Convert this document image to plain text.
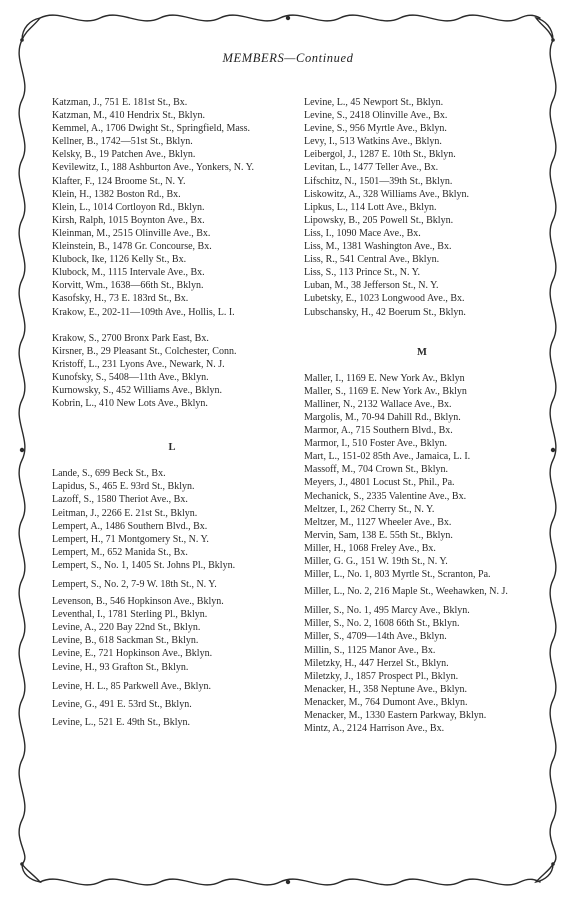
MEMBERS—Continued

Katzman, J., 751 E. 181st St., Bx.

Katzman, M., 410 Hendrix St., Bklyn.

Kemmel, A., 1706 Dwight St., Springfield, Mass.

Kellner, B., 1742—51st St., Bklyn.

Kelsky, B., 19 Patchen Ave., Bklyn.

Kevilewitz, I., 188 Ashburton Ave., Yonkers, N. Y.

Klafter, F., 124 Broome St., N. Y.

Klein, H., 1382 Boston Rd., Bx.

Klein, L., 1014 Cortloyon Rd., Bklyn.

Kirsh, Ralph, 1015 Boynton Ave., Bx.

Kleinman, M., 2515 Olinville Ave., Bx.

Kleinstein, B., 1478 Gr. Concourse, Bx.

Klubock, Ike, 1126 Kelly St., Bx.

Klubock, M., 1115 Intervale Ave., Bx.

Korvitt, Wm., 1638—66th St., Bklyn.

Kasofsky, H., 73 E. 183rd St., Bx.

Krakow, E., 202-11—109th Ave., Hollis, L. I.

Krakow, S., 2700 Bronx Park East, Bx.

Kirsner, B., 29 Pleasant St., Colchester, Conn.

Kristoff, L., 231 Lyons Ave., Newark, N. J.

Kunofsky, S., 5408—11th Ave., Bklyn.

Kurnowsky, S., 452 Williams Ave., Bklyn.

Kobrin, L., 410 New Lots Ave., Bklyn.

L

Lande, S., 699 Beck St., Bx.

Lapidus, S., 465 E. 93rd St., Bklyn.

Lazoff, S., 1580 Theriot Ave., Bx.

Leitman, J., 2266 E. 21st St., Bklyn.

Lempert, A., 1486 Southern Blvd., Bx.

Lempert, H., 71 Montgomery St., N. Y.

Lempert, M., 652 Manida St., Bx.

Lempert, S., No. 1, 1405 St. Johns Pl., Bklyn.

Lempert, S., No. 2, 7-9 W. 18th St., N. Y.

Levenson, B., 546 Hopkinson Ave., Bklyn.

Leventhal, I., 1781 Sterling Pl., Bklyn.

Levine, A., 220 Bay 22nd St., Bklyn.

Levine, B., 618 Sackman St., Bklyn.

Levine, E., 721 Hopkinson Ave., Bklyn.

Levine, H., 93 Grafton St., Bklyn.

Levine, H. L., 85 Parkwell Ave., Bklyn.

Levine, G., 491 E. 53rd St., Bklyn.

Levine, L., 521 E. 49th St., Bklyn.

Levine, L., 45 Newport St., Bklyn.

Levine, S., 2418 Olinville Ave., Bx.

Levine, S., 956 Myrtle Ave., Bklyn.

Levy, I., 513 Watkins Ave., Bklyn.

Leibergol, J., 1287 E. 10th St., Bklyn.

Levitan, L., 1477 Teller Ave., Bx.

Lifschitz, N., 1501—39th St., Bklyn.

Liskowitz, A., 328 Williams Ave., Bklyn.

Lipkus, L., 114 Lott Ave., Bklyn.

Lipowsky, B., 205 Powell St., Bklyn.

Liss, I., 1090 Mace Ave., Bx.

Liss, M., 1381 Washington Ave., Bx.

Liss, R., 541 Central Ave., Bklyn.

Liss, S., 113 Prince St., N. Y.

Luban, M., 38 Jefferson St., N. Y.

Lubetsky, E., 1023 Longwood Ave., Bx.

Lubschansky, H., 42 Boerum St., Bklyn.

M

Maller, I., 1169 E. New York Av., Bklyn

Maller, S., 1169 E. New York Av., Bklyn

Malliner, N., 2132 Wallace Ave., Bx.

Margolis, M., 70-94 Dahill Rd., Bklyn.

Marmor, A., 715 Southern Blvd., Bx.

Marmor, I., 510 Foster Ave., Bklyn.

Mart, L., 151-02 85th Ave., Jamaica, L. I.

Massoff, M., 704 Crown St., Bklyn.

Meyers, J., 4801 Locust St., Phil., Pa.

Mechanick, S., 2335 Valentine Ave., Bx.

Meltzer, I., 262 Cherry St., N. Y.

Meltzer, M., 1127 Wheeler Ave., Bx.

Mervin, Sam, 138 E. 55th St., Bklyn.

Miller, H., 1068 Freley Ave., Bx.

Miller, G. G., 151 W. 19th St., N. Y.

Miller, L., No. 1, 803 Myrtle St., Scranton, Pa.

Miller, L., No. 2, 216 Maple St., Weehawken, N. J.

Miller, S., No. 1, 495 Marcy Ave., Bklyn.

Miller, S., No. 2, 1608 66th St., Bklyn.

Miller, S., 4709—14th Ave., Bklyn.

Millin, S., 1125 Manor Ave., Bx.

Miletzky, H., 447 Herzel St., Bklyn.

Miletzky, J., 1857 Prospect Pl., Bklyn.

Menacker, H., 358 Neptune Ave., Bklyn.

Menacker, M., 764 Dumont Ave., Bklyn.

Menacker, M., 1330 Eastern Parkway, Bklyn.

Mintz, A., 2124 Harrison Ave., Bx.
